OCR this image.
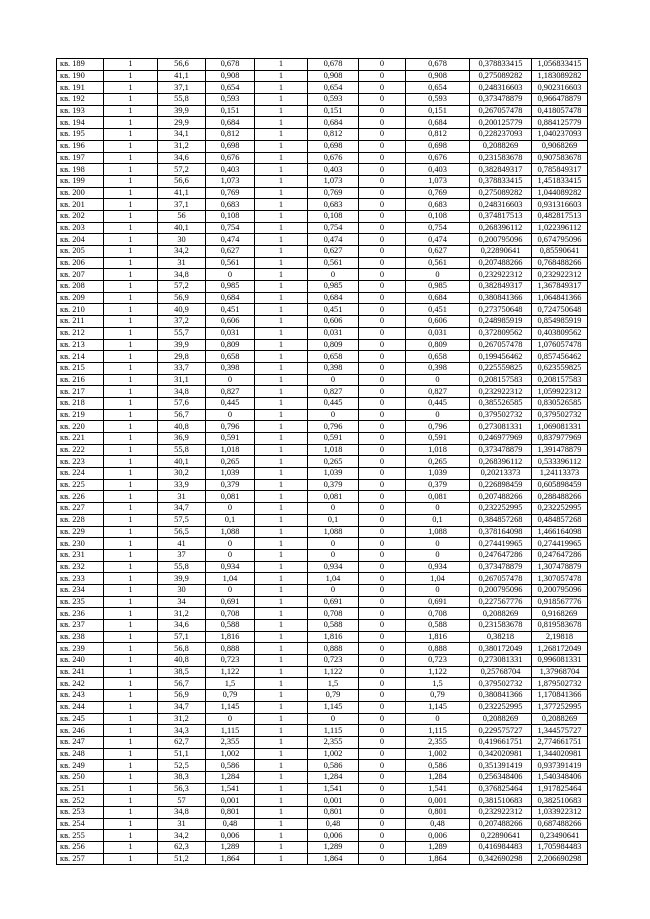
кв. 189	1	56,6	0,678	1	0,678	0	0,678	0,378833415	1,056833415
кв. 190	1	41,1	0,908	1	0,908	0	0,908	0,275089282	1,183089282
кв. 191	1	37,1	0,654	1	0,654	0	0,654	0,248316603	0,902316603
кв. 192	1	55,8	0,593	1	0,593	0	0,593	0,373478879	0,966478879
кв. 193	1	39,9	0,151	1	0,151	0	0,151	0,267057478	0,418057478
кв. 194	1	29,9	0,684	1	0,684	0	0,684	0,200125779	0,884125779
кв. 195	1	34,1	0,812	1	0,812	0	0,812	0,228237093	1,040237093
кв. 196	1	31,2	0,698	1	0,698	0	0,698	0,2088269	0,9068269
кв. 197	1	34,6	0,676	1	0,676	0	0,676	0,231583678	0,907583678
кв. 198	1	57,2	0,403	1	0,403	0	0,403	0,382849317	0,785849317
кв. 199	1	56,6	1,073	1	1,073	0	1,073	0,378833415	1,451833415
кв. 200	1	41,1	0,769	1	0,769	0	0,769	0,275089282	1,044089282
кв. 201	1	37,1	0,683	1	0,683	0	0,683	0,248316603	0,931316603
кв. 202	1	56	0,108	1	0,108	0	0,108	0,374817513	0,482817513
кв. 203	1	40,1	0,754	1	0,754	0	0,754	0,268396112	1,022396112
кв. 204	1	30	0,474	1	0,474	0	0,474	0,200795096	0,674795096
кв. 205	1	34,2	0,627	1	0,627	0	0,627	0,22890641	0,85590641
кв. 206	1	31	0,561	1	0,561	0	0,561	0,207488266	0,768488266
кв. 207	1	34,8	0	1	0	0	0	0,232922312	0,232922312
кв. 208	1	57,2	0,985	1	0,985	0	0,985	0,382849317	1,367849317
кв. 209	1	56,9	0,684	1	0,684	0	0,684	0,380841366	1,064841366
кв. 210	1	40,9	0,451	1	0,451	0	0,451	0,273750648	0,724750648
кв. 211	1	37,2	0,606	1	0,606	0	0,606	0,248985919	0,854985919
кв. 212	1	55,7	0,031	1	0,031	0	0,031	0,372809562	0,403809562
кв. 213	1	39,9	0,809	1	0,809	0	0,809	0,267057478	1,076057478
кв. 214	1	29,8	0,658	1	0,658	0	0,658	0,199456462	0,857456462
кв. 215	1	33,7	0,398	1	0,398	0	0,398	0,225559825	0,623559825
кв. 216	1	31,1	0	1	0	0	0	0,208157583	0,208157583
кв. 217	1	34,8	0,827	1	0,827	0	0,827	0,232922312	1,059922312
кв. 218	1	57,6	0,445	1	0,445	0	0,445	0,385526585	0,830526585
кв. 219	1	56,7	0	1	0	0	0	0,379502732	0,379502732
кв. 220	1	40,8	0,796	1	0,796	0	0,796	0,273081331	1,069081331
кв. 221	1	36,9	0,591	1	0,591	0	0,591	0,246977969	0,837977969
кв. 222	1	55,8	1,018	1	1,018	0	1,018	0,373478879	1,391478879
кв. 223	1	40,1	0,265	1	0,265	0	0,265	0,268396112	0,533396112
кв. 224	1	30,2	1,039	1	1,039	0	1,039	0,20213373	1,24113373
кв. 225	1	33,9	0,379	1	0,379	0	0,379	0,226898459	0,605898459
кв. 226	1	31	0,081	1	0,081	0	0,081	0,207488266	0,288488266
кв. 227	1	34,7	0	1	0	0	0	0,232252995	0,232252995
кв. 228	1	57,5	0,1	1	0,1	0	0,1	0,384857268	0,484857268
кв. 229	1	56,5	1,088	1	1,088	0	1,088	0,378164098	1,466164098
кв. 230	1	41	0	1	0	0	0	0,274419965	0,274419965
кв. 231	1	37	0	1	0	0	0	0,247647286	0,247647286
кв. 232	1	55,8	0,934	1	0,934	0	0,934	0,373478879	1,307478879
кв. 233	1	39,9	1,04	1	1,04	0	1,04	0,267057478	1,307057478
кв. 234	1	30	0	1	0	0	0	0,200795096	0,200795096
кв. 235	1	34	0,691	1	0,691	0	0,691	0,227567776	0,918567776
кв. 236	1	31,2	0,708	1	0,708	0	0,708	0,2088269	0,9168269
кв. 237	1	34,6	0,588	1	0,588	0	0,588	0,231583678	0,819583678
кв. 238	1	57,1	1,816	1	1,816	0	1,816	0,38218	2,19818
кв. 239	1	56,8	0,888	1	0,888	0	0,888	0,380172049	1,268172049
кв. 240	1	40,8	0,723	1	0,723	0	0,723	0,273081331	0,996081331
кв. 241	1	38,5	1,122	1	1,122	0	1,122	0,25768704	1,37968704
кв. 242	1	56,7	1,5	1	1,5	0	1,5	0,379502732	1,879502732
кв. 243	1	56,9	0,79	1	0,79	0	0,79	0,380841366	1,170841366
кв. 244	1	34,7	1,145	1	1,145	0	1,145	0,232252995	1,377252995
кв. 245	1	31,2	0	1	0	0	0	0,2088269	0,2088269
кв. 246	1	34,3	1,115	1	1,115	0	1,115	0,229575727	1,344575727
кв. 247	1	62,7	2,355	1	2,355	0	2,355	0,419661751	2,774661751
кв. 248	1	51,1	1,002	1	1,002	0	1,002	0,342020981	1,344020981
кв. 249	1	52,5	0,586	1	0,586	0	0,586	0,351391419	0,937391419
кв. 250	1	38,3	1,284	1	1,284	0	1,284	0,256348406	1,540348406
кв. 251	1	56,3	1,541	1	1,541	0	1,541	0,376825464	1,917825464
кв. 252	1	57	0,001	1	0,001	0	0,001	0,381510683	0,382510683
кв. 253	1	34,8	0,801	1	0,801	0	0,801	0,232922312	1,033922312
кв. 254	1	31	0,48	1	0,48	0	0,48	0,207488266	0,687488266
кв. 255	1	34,2	0,006	1	0,006	0	0,006	0,22890641	0,23490641
кв. 256	1	62,3	1,289	1	1,289	0	1,289	0,416984483	1,705984483
кв. 257	1	51,2	1,864	1	1,864	0	1,864	0,342690298	2,206690298
